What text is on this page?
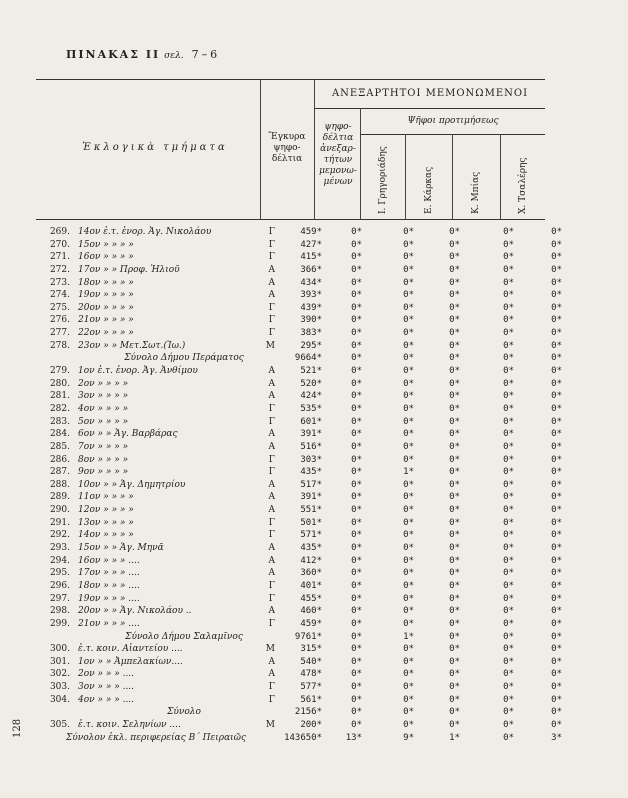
ΠΙΝΑΚΑΣ ΙΙ σελ. 7–6
128
Ἐκλογικὰ τμήματα
Ἔγκυρα ψηφο-δέλτια
ΑΝΕΞΑΡΤΗΤΟΙ ΜΕΜΟΝΩΜΕΝΟΙ
ψηφο-δέλτια ἀνεξαρ-τήτων μεμονω-μένων
Ψῆφοι προτιμήσεως
Ι. Γρηγοριάδης	Ε. Κάρκας	Κ. Μπίας	Χ. Τσαλέρης
269. 14ον ἐ.τ. ἐνορ. Ἁγ. Νικολάου	Γ	459*	0*	0*	0*	0*	0*
270. 15ον » » » »	Γ	427*	0*	0*	0*	0*	0*
271. 16ον » » » »	Γ	415*	0*	0*	0*	0*	0*
272. 17ον » » Προφ. Ἠλιοῦ	Α	366*	0*	0*	0*	0*	0*
273. 18ον » » » »	Α	434*	0*	0*	0*	0*	0*
274. 19ον » » » »	Α	393*	0*	0*	0*	0*	0*
275. 20ον » » » »	Γ	439*	0*	0*	0*	0*	0*
276. 21ον » » » »	Γ	390*	0*	0*	0*	0*	0*
277. 22ον » » » »	Γ	383*	0*	0*	0*	0*	0*
278. 23ον » » Μετ.Σωτ.(Ἰω.)	Μ	295*	0*	0*	0*	0*	0*
Σύνολο Δήμου Περάματος	9664*	0*	0*	0*	0*	0*
279. 1ον ἐ.τ. ἐνορ. Ἁγ. Ἀνθίμου	Α	521*	0*	0*	0*	0*	0*
280. 2ον » » » »	Α	520*	0*	0*	0*	0*	0*
281. 3ον » » » »	Α	424*	0*	0*	0*	0*	0*
282. 4ον » » » »	Γ	535*	0*	0*	0*	0*	0*
283. 5ον » » » »	Γ	601*	0*	0*	0*	0*	0*
284. 6ον » » Ἁγ. Βαρβάρας	Α	391*	0*	0*	0*	0*	0*
285. 7ον » » » »	Α	516*	0*	0*	0*	0*	0*
286. 8ον » » » »	Γ	303*	0*	0*	0*	0*	0*
287. 9ον » » » »	Γ	435*	0*	1*	0*	0*	0*
288. 10ον » » Ἁγ. Δημητρίου	Α	517*	0*	0*	0*	0*	0*
289. 11ον » » » »	Α	391*	0*	0*	0*	0*	0*
290. 12ον » » » »	Α	551*	0*	0*	0*	0*	0*
291. 13ον » » » »	Γ	501*	0*	0*	0*	0*	0*
292. 14ον » » » »	Γ	571*	0*	0*	0*	0*	0*
293. 15ον » » Ἁγ. Μηνᾶ	Α	435*	0*	0*	0*	0*	0*
294. 16ον » » » ....	Α	412*	0*	0*	0*	0*	0*
295. 17ον » » » ....	Α	360*	0*	0*	0*	0*	0*
296. 18ον » » » ....	Γ	401*	0*	0*	0*	0*	0*
297. 19ον » » » ....	Γ	455*	0*	0*	0*	0*	0*
298. 20ον » » Ἁγ. Νικολάου ..	Α	460*	0*	0*	0*	0*	0*
299. 21ον » » » ....	Γ	459*	0*	0*	0*	0*	0*
Σύνολο Δήμου Σαλαμῖνος	9761*	0*	1*	0*	0*	0*
300. ἐ.τ. κοιν. Αἰαντείου ....	Μ	315*	0*	0*	0*	0*	0*
301. 1ον » » Ἀμπελακίων....	Α	540*	0*	0*	0*	0*	0*
302. 2ον » » » ....	Α	478*	0*	0*	0*	0*	0*
303. 3ον » » » ....	Γ	577*	0*	0*	0*	0*	0*
304. 4ον » » » ....	Γ	561*	0*	0*	0*	0*	0*
Σύνολο	2156*	0*	0*	0*	0*	0*
305. ἐ.τ. κοιν. Σεληνίων ....	Μ	200*	0*	0*	0*	0*	0*
Σύνολον ἐκλ. περιφερείας Β΄ Πειραιῶς	143650*	13*	9*	1*	0*	3*
